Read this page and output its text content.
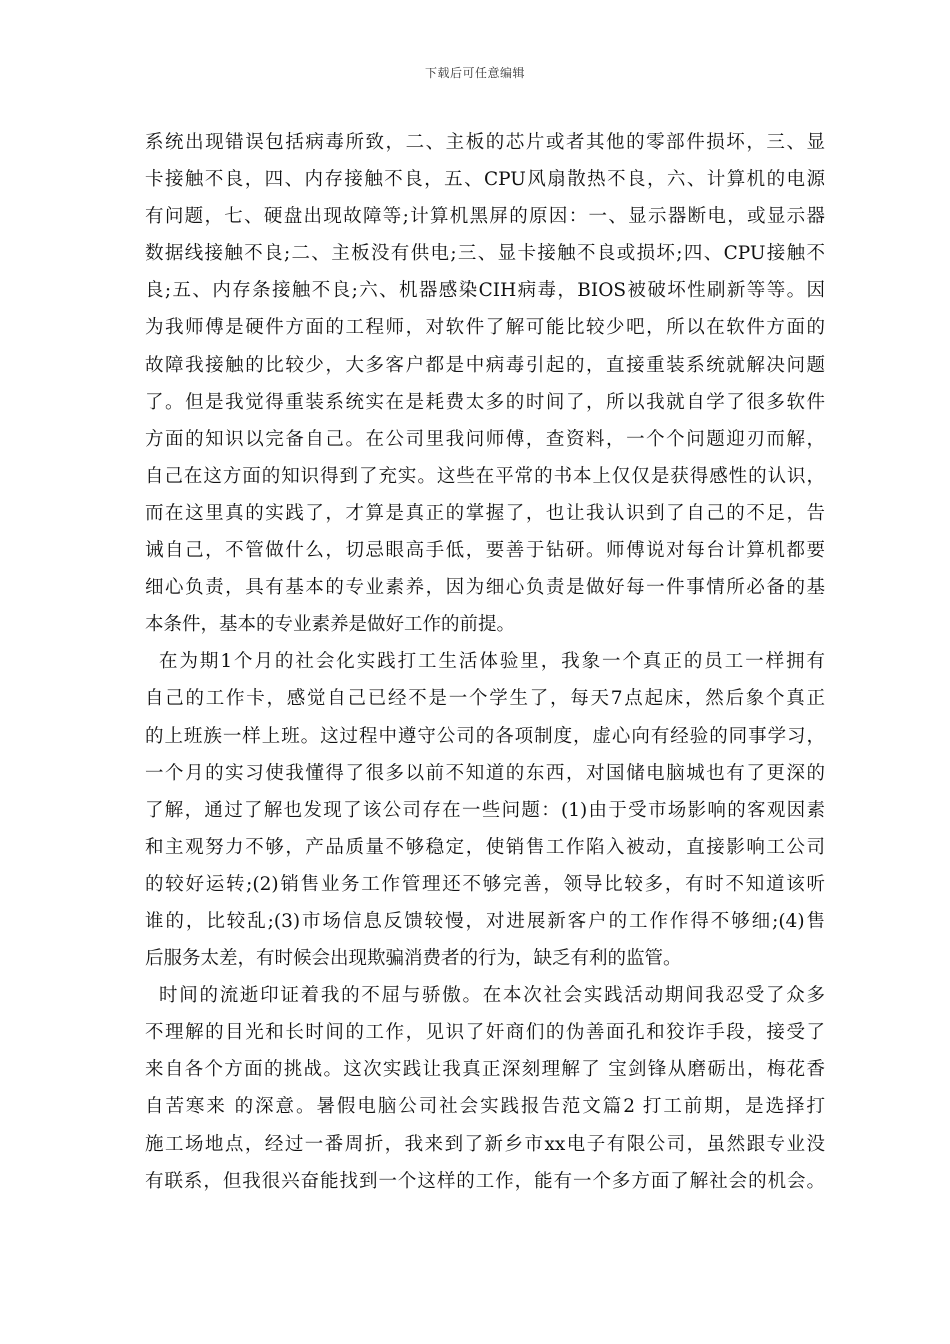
下载后可任意编辑
系统出现错误包括病毒所致，二、主板的芯片或者其他的零部件损坏，三、显
卡接触不良，四、内存接触不良，五、CPU风扇散热不良，六、计算机的电源
有问题，七、硬盘出现故障等;计算机黑屏的原因：一、显示器断电，或显示器
数据线接触不良;二、主板没有供电;三、显卡接触不良或损坏;四、CPU接触不
良;五、内存条接触不良;六、机器感染CIH病毒，BIOS被破坏性刷新等等。因
为我师傅是硬件方面的工程师，对软件了解可能比较少吧，所以在软件方面的
故障我接触的比较少，大多客户都是中病毒引起的，直接重装系统就解决问题
了。但是我觉得重装系统实在是耗费太多的时间了，所以我就自学了很多软件
方面的知识以完备自己。在公司里我问师傅，查资料，一个个问题迎刃而解，
自己在这方面的知识得到了充实。这些在平常的书本上仅仅是获得感性的认识，
而在这里真的实践了，才算是真正的掌握了，也让我认识到了自己的不足，告
诫自己，不管做什么，切忌眼高手低，要善于钻研。师傅说对每台计算机都要
细心负责，具有基本的专业素养，因为细心负责是做好每一件事情所必备的基
本条件，基本的专业素养是做好工作的前提。
在为期1个月的社会化实践打工生活体验里，我象一个真正的员工一样拥有
自己的工作卡，感觉自己已经不是一个学生了，每天7点起床，然后象个真正
的上班族一样上班。这过程中遵守公司的各项制度，虚心向有经验的同事学习，
一个月的实习使我懂得了很多以前不知道的东西，对国储电脑城也有了更深的
了解，通过了解也发现了该公司存在一些问题：(1)由于受市场影响的客观因素
和主观努力不够，产品质量不够稳定，使销售工作陷入被动，直接影响工公司
的较好运转;(2)销售业务工作管理还不够完善，领导比较多，有时不知道该听
谁的，比较乱;(3)市场信息反馈较慢，对进展新客户的工作作得不够细;(4)售
后服务太差，有时候会出现欺骗消费者的行为，缺乏有利的监管。
时间的流逝印证着我的不屈与骄傲。在本次社会实践活动期间我忍受了众多
不理解的目光和长时间的工作，见识了奸商们的伪善面孔和狡诈手段，接受了
来自各个方面的挑战。这次实践让我真正深刻理解了 宝剑锋从磨砺出，梅花香
自苦寒来 的深意。暑假电脑公司社会实践报告范文篇2 打工前期，是选择打
施工场地点，经过一番周折，我来到了新乡市xx电子有限公司，虽然跟专业没
有联系，但我很兴奋能找到一个这样的工作，能有一个多方面了解社会的机会。
